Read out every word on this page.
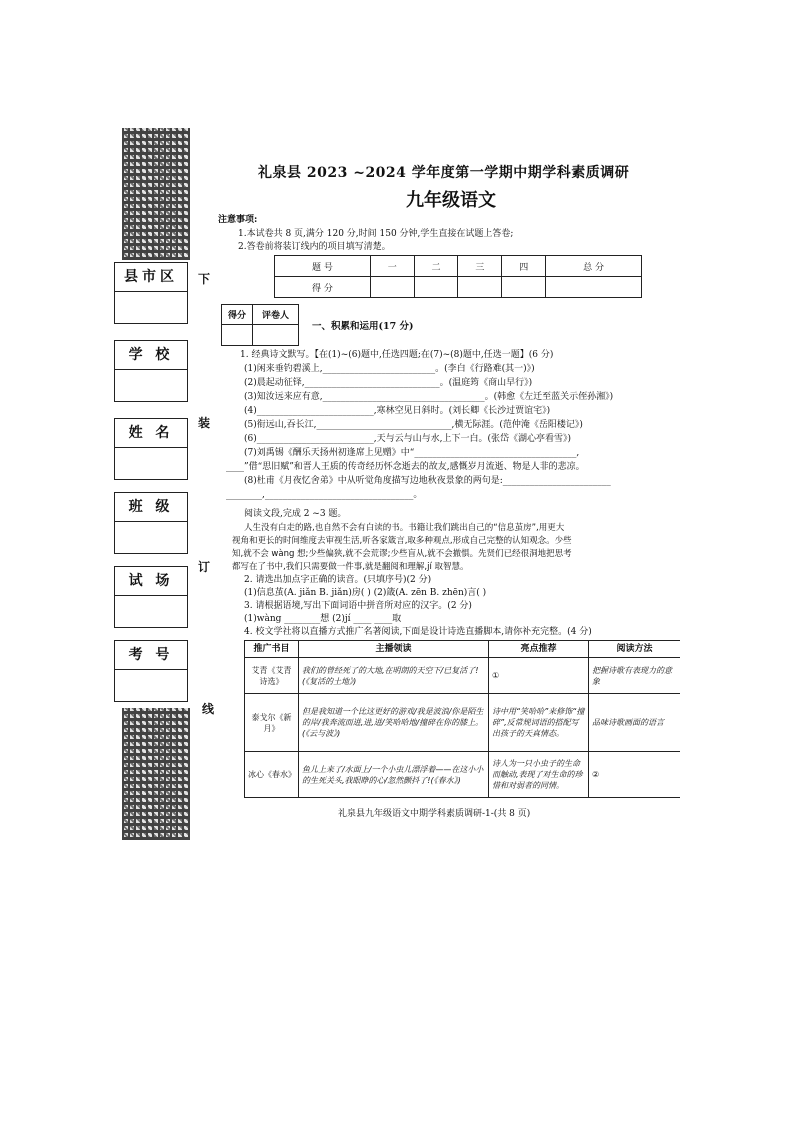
县市区
学 校
姓 名
班 级
试 场
考 号
下
装
订
线
礼泉县 2023 ~2024 学年度第一学期中期学科素质调研
九年级语文
注意事项:
1.本试卷共 8 页,满分 120 分,时间 150 分钟,学生直接在试题上答卷;
2.答卷前将装订线内的项目填写清楚。
题 号	一	二	三	四	总 分
得 分					
得分	评卷人

一、积累和运用(17 分)
1. 经典诗文默写。【在(1)~(6)题中,任选四题;在(7)~(8)题中,任选一题】(6 分)
(1)闲来垂钓碧溪上,_________________________。(李白《行路难(其一)》)
(2)晨起动征铎,______________________________。(温庭筠《商山早行》)
(3)知汝远来应有意,____________________________________。(韩愈《左迁至蓝关示侄孙湘》)
(4)__________________________,寒林空见日斜时。(刘长卿《长沙过贾谊宅》)
(5)衔远山,吞长江,______________________________,横无际涯。(范仲淹《岳阳楼记》)
(6)__________________________,天与云与山与水,上下一白。(张岱《湖心亭看雪》)
(7)刘禹锡《酬乐天扬州初逢席上见赠》中“____________________________________,
____”借“思旧赋”和晋人王质的传奇经历怀念逝去的故友,感慨岁月流逝、物是人非的悲凉。
(8)杜甫《月夜忆舍弟》中从听觉角度描写边地秋夜景象的两句是:________________________
________,_________________________________。
阅读文段,完成 2 ~3 题。
人生没有白走的路,也自然不会有白读的书。书籍让我们跳出自己的“信息茧房”,用更大
视角和更长的时间维度去审视生活,听各家箴言,取多种观点,形成自己完整的认知观念。少些
知,就不会 wàng 想;少些偏狭,就不会荒谬;少些盲从,就不会撤惧。先贤们已经很洞地把思考
都写在了书中,我们只需要做一件事,就是翻阅和理解,jí 取智慧。
2. 请选出加点字正确的读音。(只填序号)(2 分)
(1)信息茧(A. jiǎn B. jiǎn)房( ) (2)箴(A. zēn B. zhēn)言( )
3. 请根据语境,写出下面词语中拼音所对应的汉字。(2 分)
(1)wàng ________想 (2)jí ____ ____取
4. 校文学社将以直播方式推广名著阅读,下面是设计诗选直播脚本,请你补充完整。(4 分)
推广书目	主播领读	亮点推荐	阅读方法
艾青《艾青诗选》	我们的曾经死了的大地,在明朗的天空下/已复活了!(《复活的土地》)	①	把握诗歌有表现力的意象
泰戈尔《新月》	但是我知道一个比这更好的游戏/我是波浪/你是陌生的岸/我奔流而进,进,进/笑哈哈地/撞碎在你的膝上。(《云与波》)	诗中用“笑哈哈”来修饰“撞碎”,反常规词语的搭配写出孩子的天真情态。	品味诗歌画面的语言
冰心《春水》	鱼儿上来了/水面上/一个小虫儿漂浮着——在这小小的生死关头,我眼睁的心/忽然颤抖了!(《春水》)	诗人为一只小虫子的生命而触动,表现了对生命的珍惜和对弱者的同情。	②
礼泉县九年级语文中期学科素质调研-1-(共 8 页)
